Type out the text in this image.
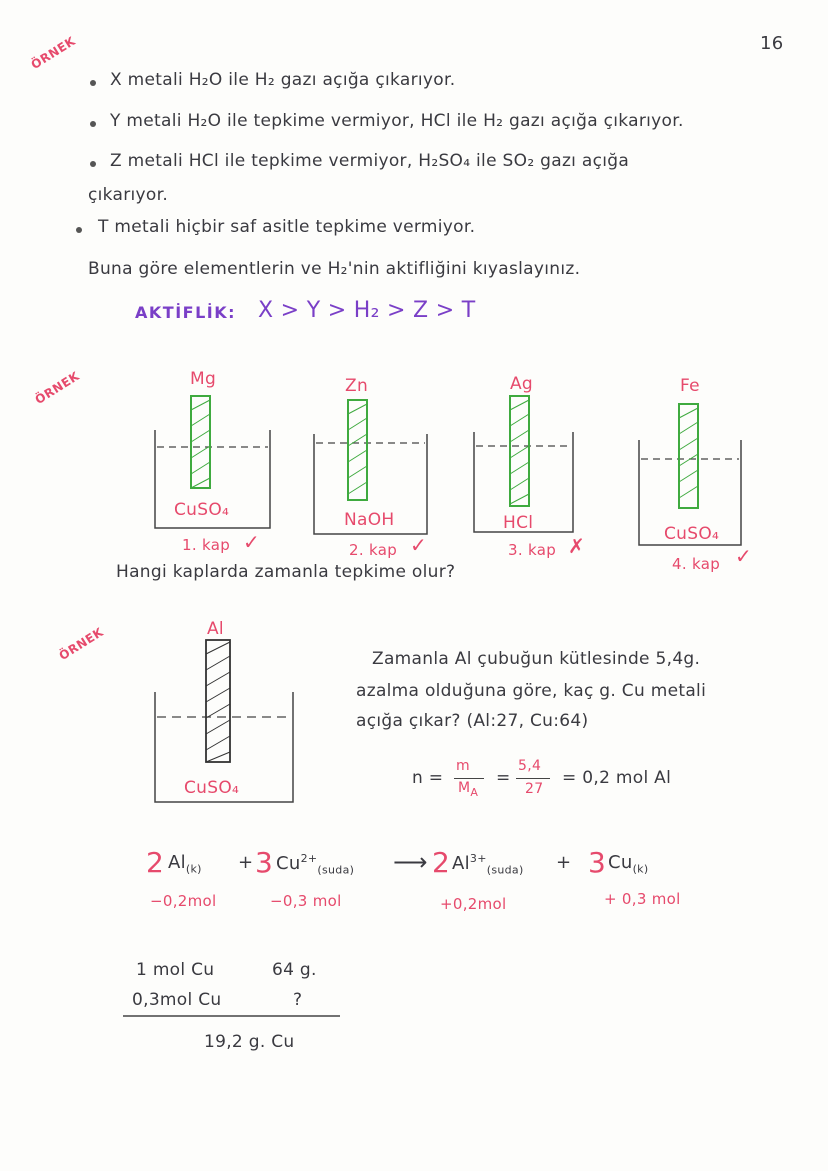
16
ÖRNEK
X metali H₂O ile H₂ gazı açığa çıkarıyor.
Y metali H₂O ile tepkime vermiyor, HCl ile H₂ gazı açığa çıkarıyor.
Z metali HCl ile tepkime vermiyor, H₂SO₄ ile SO₂ gazı açığa
çıkarıyor.
T metali hiçbir saf asitle tepkime vermiyor.
Buna göre elementlerin ve H₂'nin aktifliğini kıyaslayınız.
AKTİFLİK: X > Y > H₂ > Z > T
ÖRNEK	Mg	Zn	Ag	Fe
CuSO₄	NaOH	HCl
CuSO₄
1. kap ✓	2. kap ✓	3. kap ✗
4. kap ✓
Hangi kaplarda zamanla tepkime olur?
ÖRNEK	Al
CuSO₄
Zamanla Al çubuğun kütlesinde 5,4g.
azalma olduğuna göre, kaç g. Cu metali
açığa çıkar? (Al:27, Cu:64)
n =
m
$M_A$
=
5,4
27
= 0,2 mol Al
2 $Al_{(k)} + 3$ $Cu^{2+}_{(suda)}$ ⟶ 2 $Al^{3+}_{(suda)} + 3$ $Cu_{(k)}$
−0,2mol	−0,3 mol	+0,2mol	+ 0,3 mol
1 mol Cu	64 g.
0,3mol Cu	?
19,2 g. Cu
